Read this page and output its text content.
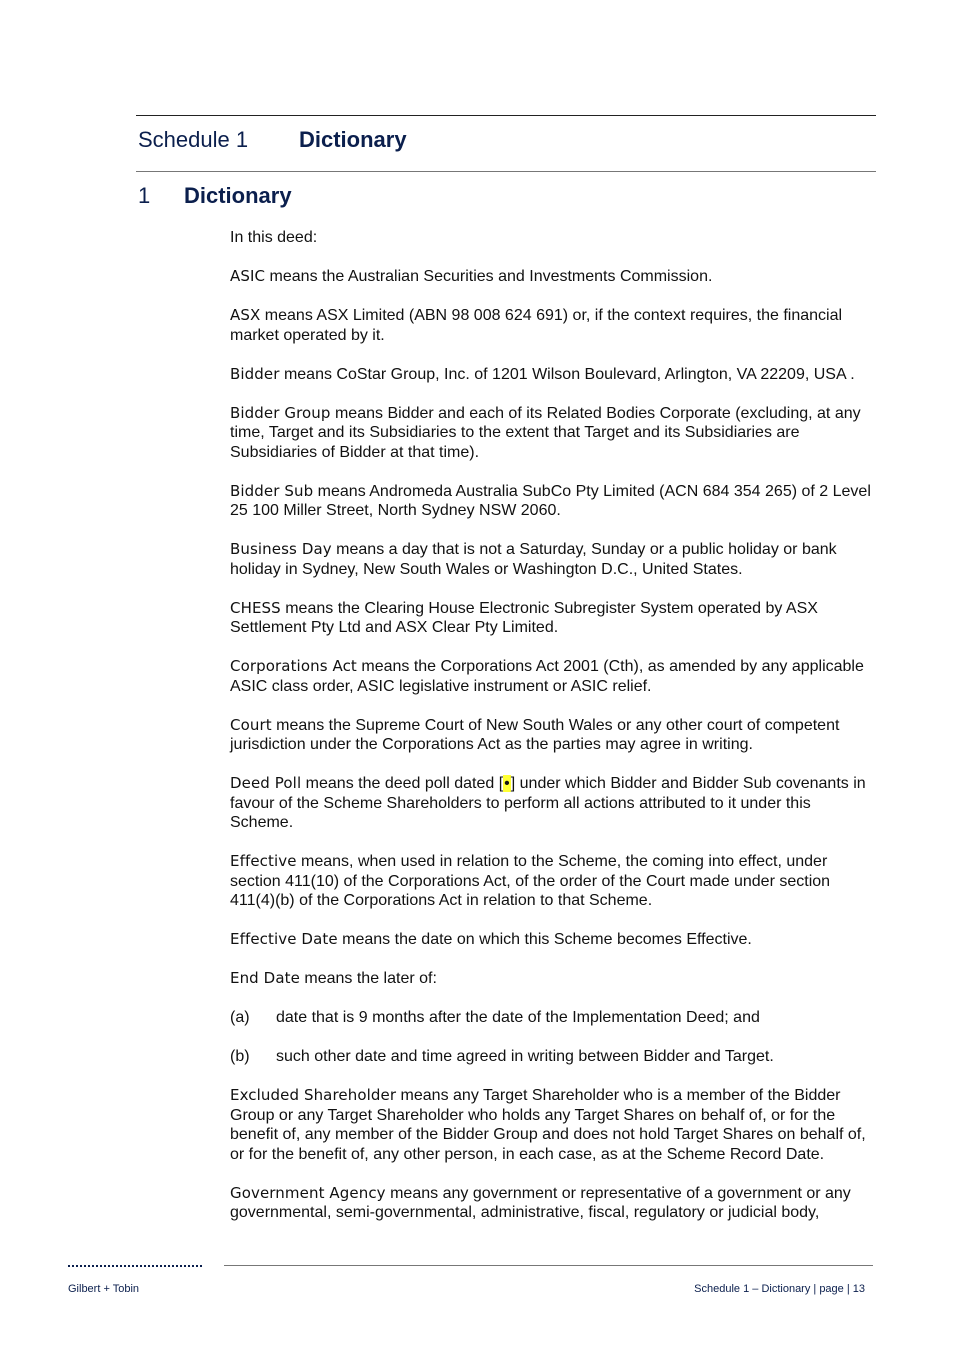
Schedule 1 Dictionary
1 Dictionary

In this deed:

ASIC means the Australian Securities and Investments Commission.

ASX means ASX Limited (ABN 98 008 624 691) or, if the context requires, the financial market operated by it.

Bidder means CoStar Group, Inc. of 1201 Wilson Boulevard, Arlington, VA 22209, USA .

Bidder Group means Bidder and each of its Related Bodies Corporate (excluding, at any time, Target and its Subsidiaries to the extent that Target and its Subsidiaries are Subsidiaries of Bidder at that time).

Bidder Sub means Andromeda Australia SubCo Pty Limited (ACN 684 354 265) of 2 Level 25 100 Miller Street, North Sydney NSW 2060.

Business Day means a day that is not a Saturday, Sunday or a public holiday or bank holiday in Sydney, New South Wales or Washington D.C., United States.

CHESS means the Clearing House Electronic Subregister System operated by ASX Settlement Pty Ltd and ASX Clear Pty Limited.

Corporations Act means the Corporations Act 2001 (Cth), as amended by any applicable ASIC class order, ASIC legislative instrument or ASIC relief.

Court means the Supreme Court of New South Wales or any other court of competent jurisdiction under the Corporations Act as the parties may agree in writing.

Deed Poll means the deed poll dated [•] under which Bidder and Bidder Sub covenants in favour of the Scheme Shareholders to perform all actions attributed to it under this Scheme.

Effective means, when used in relation to the Scheme, the coming into effect, under section 411(10) of the Corporations Act, of the order of the Court made under section 411(4)(b) of the Corporations Act in relation to that Scheme.

Effective Date means the date on which this Scheme becomes Effective.

End Date means the later of:

(a)	date that is 9 months after the date of the Implementation Deed; and
(b)	such other date and time agreed in writing between Bidder and Target.

Excluded Shareholder means any Target Shareholder who is a member of the Bidder Group or any Target Shareholder who holds any Target Shares on behalf of, or for the benefit of, any member of the Bidder Group and does not hold Target Shares on behalf of, or for the benefit of, any other person, in each case, as at the Scheme Record Date.

Government Agency means any government or representative of a government or any governmental, semi-governmental, administrative, fiscal, regulatory or judicial body,

Gilbert + Tobin	Schedule 1 – Dictionary | page | 13
